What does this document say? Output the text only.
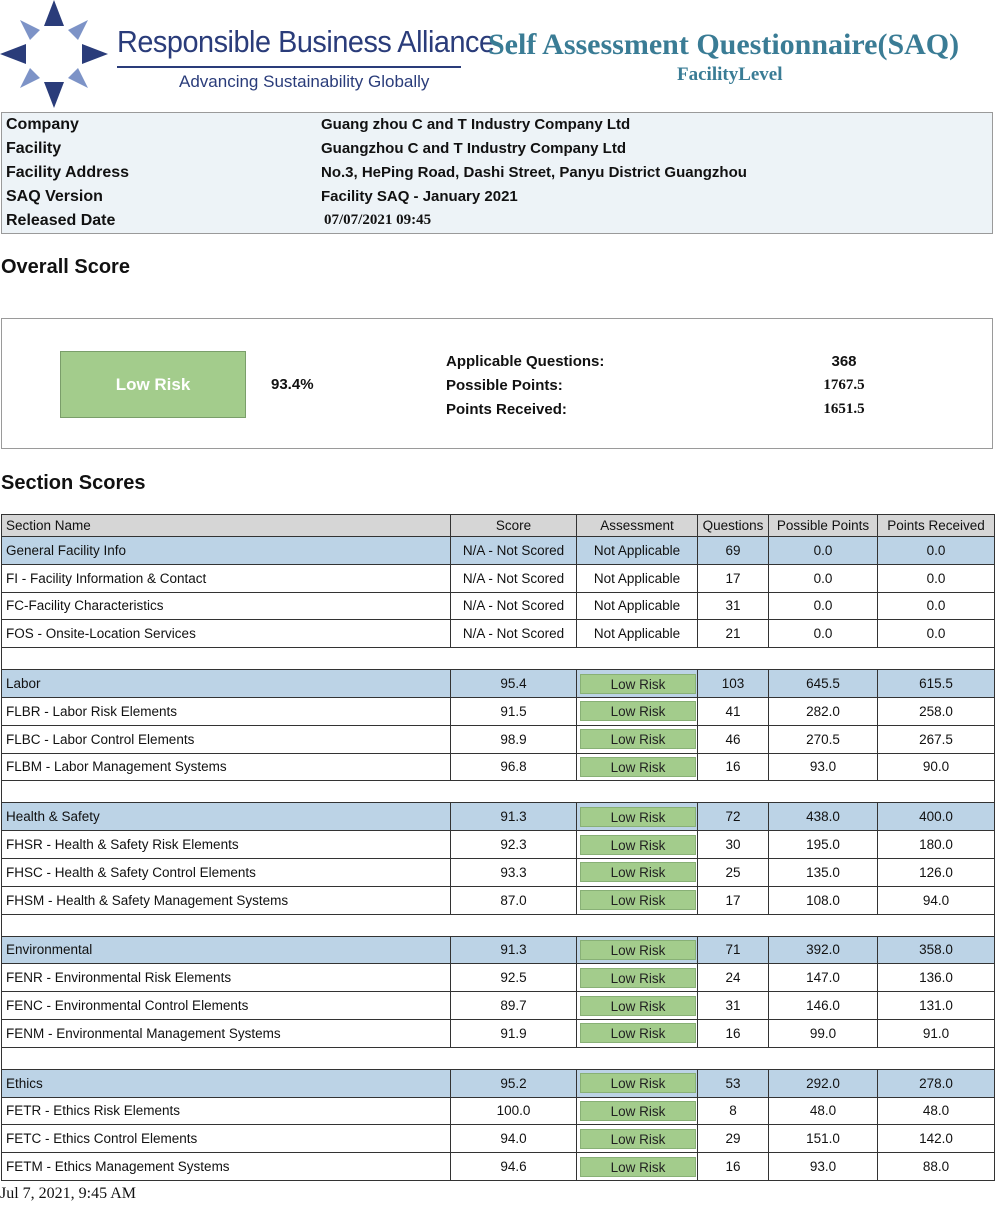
Responsible Business Alliance
Advancing Sustainability Globally
Self Assessment Questionnaire(SAQ)
FacilityLevel
Company	Guang zhou C and T Industry Company Ltd
Facility	Guangzhou C and T Industry Company Ltd
Facility Address	No.3, HePing Road, Dashi Street, Panyu District Guangzhou
SAQ Version	Facility SAQ - January 2021
Released Date	07/07/2021 09:45
Overall Score
Low Risk	93.4%
Applicable Questions:	368
Possible Points:	1767.5
Points Received:	1651.5
Section Scores
Section Name	Score	Assessment	Questions	Possible Points	Points Received
General Facility Info	N/A - Not Scored	Not Applicable	69	0.0	0.0
FI - Facility Information & Contact	N/A - Not Scored	Not Applicable	17	0.0	0.0
FC-Facility Characteristics	N/A - Not Scored	Not Applicable	31	0.0	0.0
FOS - Onsite-Location Services	N/A - Not Scored	Not Applicable	21	0.0	0.0

Labor	95.4	Low Risk	103	645.5	615.5
FLBR - Labor Risk Elements	91.5	Low Risk	41	282.0	258.0
FLBC - Labor Control Elements	98.9	Low Risk	46	270.5	267.5
FLBM - Labor Management Systems	96.8	Low Risk	16	93.0	90.0

Health & Safety	91.3	Low Risk	72	438.0	400.0
FHSR - Health & Safety Risk Elements	92.3	Low Risk	30	195.0	180.0
FHSC - Health & Safety Control Elements	93.3	Low Risk	25	135.0	126.0
FHSM - Health & Safety Management Systems	87.0	Low Risk	17	108.0	94.0

Environmental	91.3	Low Risk	71	392.0	358.0
FENR - Environmental Risk Elements	92.5	Low Risk	24	147.0	136.0
FENC - Environmental Control Elements	89.7	Low Risk	31	146.0	131.0
FENM - Environmental Management Systems	91.9	Low Risk	16	99.0	91.0

Ethics	95.2	Low Risk	53	292.0	278.0
FETR - Ethics Risk Elements	100.0	Low Risk	8	48.0	48.0
FETC - Ethics Control Elements	94.0	Low Risk	29	151.0	142.0
FETM - Ethics Management Systems	94.6	Low Risk	16	93.0	88.0
Jul 7, 2021, 9:45 AM
